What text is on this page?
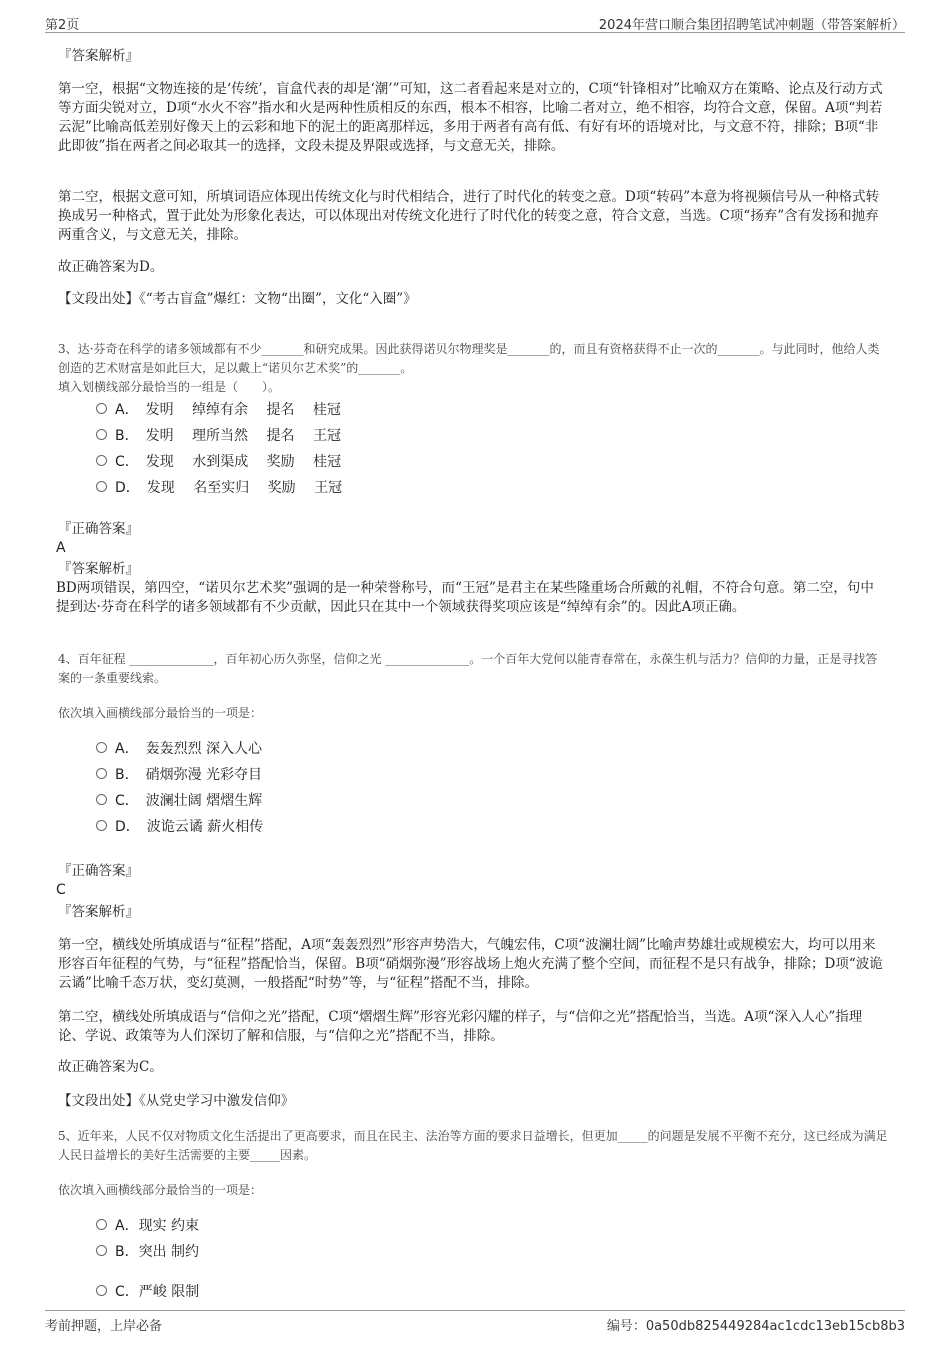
第2页	2024年营口顺合集团招聘笔试冲刺题（带答案解析）
『答案解析』
第一空，根据“文物连接的是‘传统’，盲盒代表的却是‘潮’”可知，这二者看起来是对立的，C项“针锋相对”比喻双方在策略、论点及行动方式等方面尖锐对立，D项“水火不容”指水和火是两种性质相反的东西，根本不相容，比喻二者对立，绝不相容，均符合文意，保留。A项“判若云泥”比喻高低差别好像天上的云彩和地下的泥土的距离那样远，多用于两者有高有低、有好有坏的语境对比，与文意不符，排除；B项“非此即彼”指在两者之间必取其一的选择，文段未提及界限或选择，与文意无关，排除。
第二空，根据文意可知，所填词语应体现出传统文化与时代相结合，进行了时代化的转变之意。D项“转码”本意为将视频信号从一种格式转换成另一种格式，置于此处为形象化表达，可以体现出对传统文化进行了时代化的转变之意，符合文意，当选。C项“扬弃”含有发扬和抛弃两重含义，与文意无关，排除。
故正确答案为D。
【文段出处】《“考古盲盒”爆红：文物“出圈”，文化“入圈”》
3、达·芬奇在科学的诸多领域都有不少_______和研究成果。因此获得诺贝尔物理奖是_______的，而且有资格获得不止一次的_______。与此同时，他给人类创造的艺术财富是如此巨大，足以戴上“诺贝尔艺术奖”的_______。
填入划横线部分最恰当的一组是（　　）。
A．　发明　 绰绰有余　 提名　 桂冠
B．　发明　 理所当然　 提名　 王冠
C．　发现　 水到渠成　 奖励　 桂冠
D．　发现　 名至实归　 奖励　 王冠
『正确答案』
A
『答案解析』
BD两项错误，第四空，“诺贝尔艺术奖”强调的是一种荣誉称号，而“王冠”是君主在某些隆重场合所戴的礼帽，不符合句意。第二空，句中提到达·芬奇在科学的诸多领域都有不少贡献，因此只在其中一个领域获得奖项应该是“绰绰有余”的。因此A项正确。
4、百年征程 ______________，百年初心历久弥坚，信仰之光 ______________。一个百年大党何以能青春常在，永葆生机与活力？信仰的力量，正是寻找答案的一条重要线索。
依次填入画横线部分最恰当的一项是：
A．　轰轰烈烈 深入人心
B．　硝烟弥漫 光彩夺目
C．　波澜壮阔 熠熠生辉
D．　波诡云谲 薪火相传
『正确答案』
C
『答案解析』
第一空，横线处所填成语与“征程”搭配，A项“轰轰烈烈”形容声势浩大，气魄宏伟，C项“波澜壮阔”比喻声势雄壮或规模宏大，均可以用来形容百年征程的气势，与“征程”搭配恰当，保留。B项“硝烟弥漫”形容战场上炮火充满了整个空间，而征程不是只有战争，排除；D项“波诡云谲”比喻千态万状，变幻莫测，一般搭配“时势”等，与“征程”搭配不当，排除。
第二空，横线处所填成语与“信仰之光”搭配，C项“熠熠生辉”形容光彩闪耀的样子，与“信仰之光”搭配恰当，当选。A项“深入人心”指理论、学说、政策等为人们深切了解和信服，与“信仰之光”搭配不当，排除。
故正确答案为C。
【文段出处】《从党史学习中激发信仰》
5、近年来，人民不仅对物质文化生活提出了更高要求，而且在民主、法治等方面的要求日益增长，但更加_____的问题是发展不平衡不充分，这已经成为满足人民日益增长的美好生活需要的主要_____因素。
依次填入画横线部分最恰当的一项是：
A．现实 约束
B．突出 制约
C．严峻 限制
考前押题，上岸必备	编号：0a50db825449284ac1cdc13eb15cb8b3
